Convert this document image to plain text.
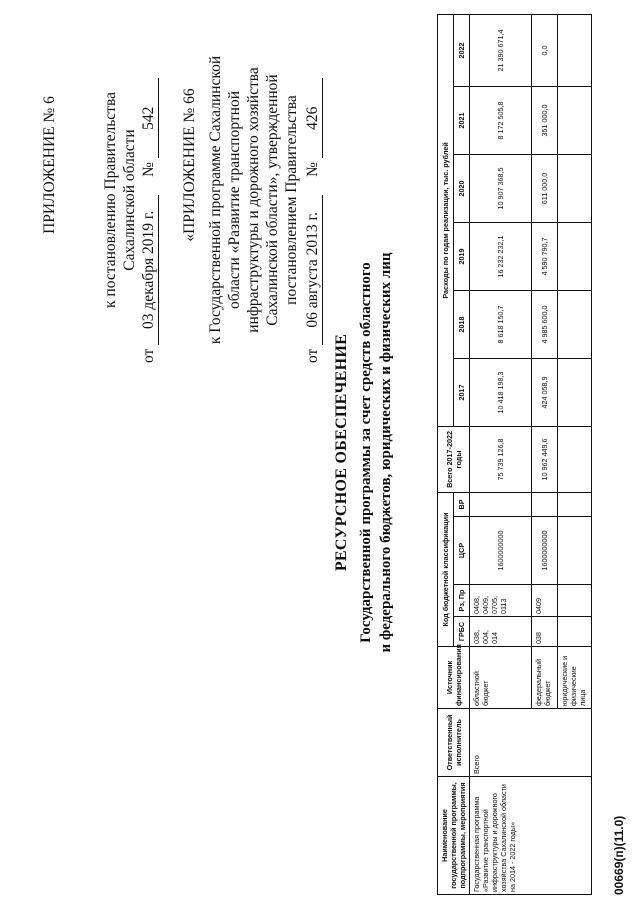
ПРИЛОЖЕНИЕ № 6	к постановлению Правительства Сахалинской области
от 03 декабря 2019 г. № 542 «ПРИЛОЖЕНИЕ № 66 к Государственной программе Сахалинской области «Развитие транспортной инфраструктуры и дорожного хозяйства Сахалинской области», утвержденной постановлением Правительства
от 06 августа 2013 г. № 426
РЕСУРСНОЕ ОБЕСПЕЧЕНИЕ Государственной программы за счет средств областного и федерального бюджетов, юридических и физических лиц
Наименование государственной программы, подпрограммы, мероприятия	Ответственный исполнитель	Источник финансирования	Код бюджетной классификации				Всего 2017-2022 годы	Расходы по годам реализации, тыс. рублей					
			ГРБС	Рз, Пр	ЦСР	ВР		2017	2018	2019	2020	2021	2022
Государственная программа «Развитие транспортной инфраструктуры и дорожного хозяйства Сахалинской области на 2014 - 2022 годы»	Всего	областной бюджет	038, 004, 014	0408, 0409, 0705, 0113	1600000000		75 739 126,8	10 418 198,3	8 618 150,7	16 232 232,1	10 907 368,5	8 172 505,8	21 390 671,4
		федеральный бюджет	038	0409	1600000000		10 962 449,6	424 058,9	4 985 600,0	4 590 790,7	611 000,0	351 000,0	0,0
		юридические и физические лица											
00669(п)(11.0)
